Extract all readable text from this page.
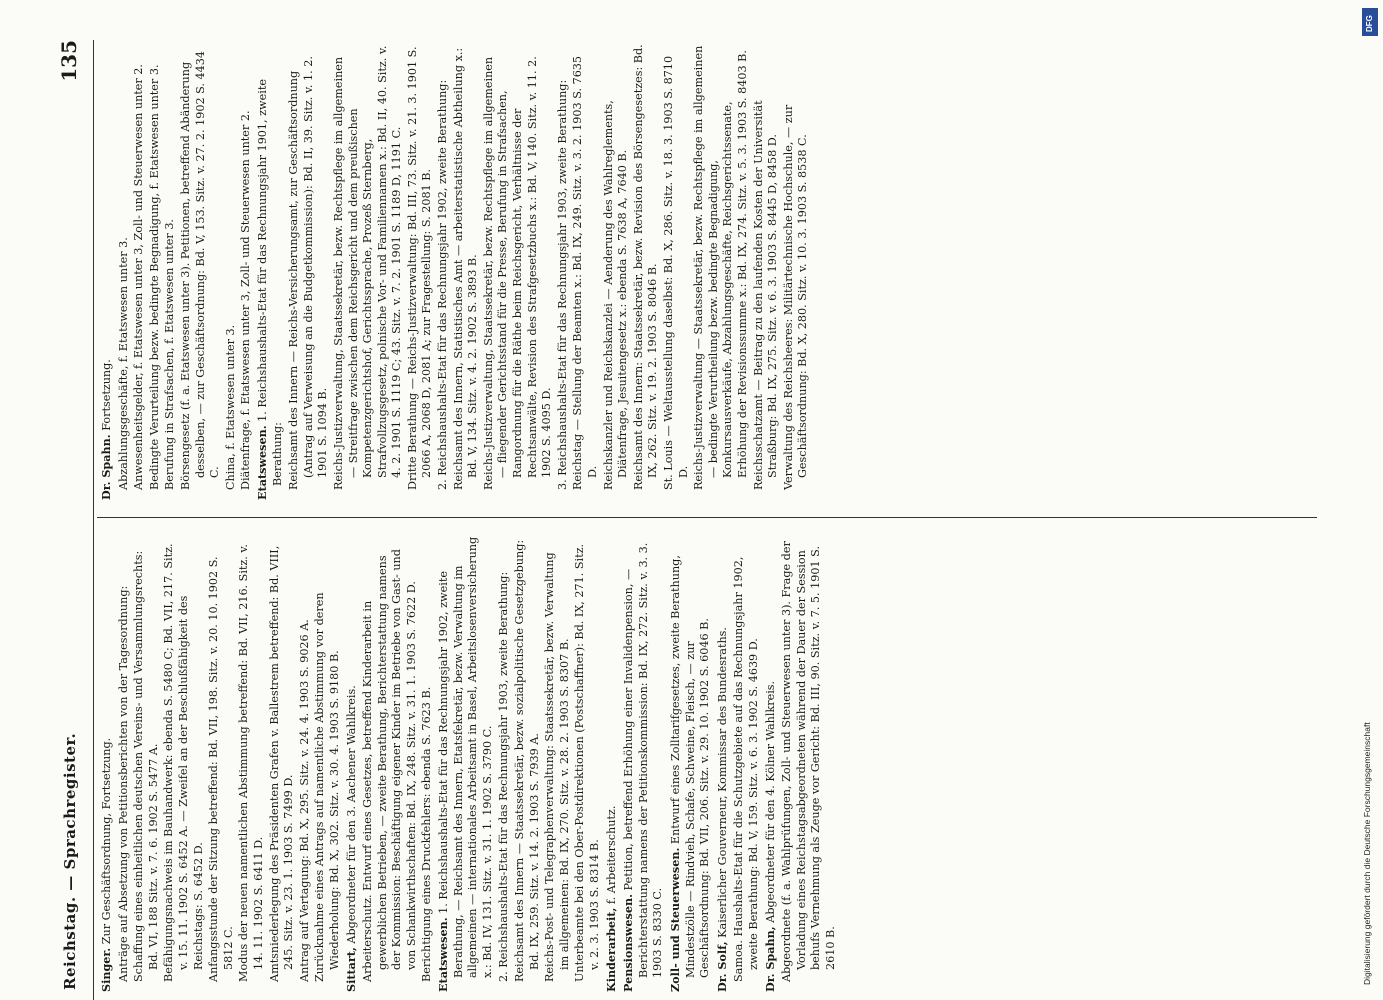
Reichstag. — Sprachregister.
135
Singer. Zur Geschäftsordnung, Fortsetzung. Anträge auf Absetzung von Petitionsberichten von der Tagesordnung: Schaffung eines einheitlichen deutschen Vereins- und Versammlungsrechts: Bd. VI, 188 Sitz. v. 7. 6. 1902 S. 5477 A. Befähigungsnachweis im Bauhandwerk: ebenda S. 5480 C; Bd. VII, 217. Sitz. v. 15. 11. 1902 S. 6452 A. — Zweifel an der Beschlußfähigkeit des Reichstags: S. 6452 D. Anfangsstunde der Sitzung betreffend: Bd. VII, 198. Sitz. v. 20. 10. 1902 S. 5812 C. Modus der neuen namentlichen Abstimmung betreffend: Bd. VII, 216. Sitz. v. 14. 11. 1902 S. 6411 D. Amtsniederlegung des Präsidenten Grafen v. Ballestrem betreffend: Bd. VIII, 245. Sitz. v. 23. 1. 1903 S. 7499 D. Antrag auf Vertagung: Bd. X, 295. Sitz. v. 24. 4. 1903 S. 9026 A. Zurücknahme eines Antrags auf namentliche Abstimmung vor deren Wiederholung: Bd. X, 302. Sitz. v. 30. 4. 1903 S. 9180 B. Sittart, Abgeordneter für den 3. Aachener Wahlkreis. Arbeiterschutz. Entwurf eines Gesetzes, betreffend Kinderarbeit in gewerblichen Betrieben, — zweite Berathung, Berichterstattung namens der Kommission: Beschäftigung eigener Kinder im Betriebe von Gast- und von Schankwirthschaften: Bd. IX, 248. Sitz. v. 31. 1. 1903 S. 7622 D. Berichtigung eines Druckfehlers: ebenda S. 7623 B. Etatswesen. 1. Reichshaushalts-Etat für das Rechnungsjahr 1902, zweite Berathung, — Reichsamt des Innern, Etatsfekretär, bezw. Verwaltung im allgemeinen — internationales Arbeitsamt in Basel, Arbeitslosenversicherung x.: Bd. IV, 131. Sitz. v. 31. 1. 1902 S. 3790 C. 2. Reichshaushalts-Etat für das Rechnungsjahr 1903, zweite Berathung: Reichsamt des Innern — Staatssekretär, bezw. sozialpolitische Gesetzgebung: Bd. IX, 259. Sitz. v. 14. 2. 1903 S. 7939 A. Reichs-Post- und Telegraphenverwaltung: Staatssekretär, bezw. Verwaltung im allgemeinen: Bd. IX, 270. Sitz. v. 28. 2. 1903 S. 8307 B. Unterbeamte bei den Ober-Postdirektionen (Postschaffner): Bd. IX, 271. Sitz. v. 2. 3. 1903 S. 8314 B. Kinderarbeit, f. Arbeiterschutz.
Pensionswesen. Petition, betreffend Erhöhung einer Invalidenpension, — Berichterstattung namens der Petitionskommission: Bd. IX, 272. Sitz. v. 3. 3. 1903 S. 8330 C. Zoll- und Steuerwesen. Entwurf eines Zolltarifgesetzes, zweite Berathung, Mindestzölle — Rindvieh, Schafe, Schweine, Fleisch, — zur Geschäftsordnung: Bd. VII, 206. Sitz. v. 29. 10. 1902 S. 6046 B. Dr. Solf, Kaiserlicher Gouverneur, Kommissar des Bundesraths. Samoa. Haushalts-Etat für die Schutzgebiete auf das Rechnungsjahr 1902, zweite Berathung: Bd. V, 159. Sitz. v. 6. 3. 1902 S. 4639 D. Dr. Spahn, Abgeordneter für den 4. Kölner Wahlkreis. Abgeordnete (f. a. Wahlprüfungen, Zoll- und Steuerwesen unter 3). Frage der Vorladung eines Reichstagsabgeordneten während der Dauer der Session behufs Vernehmung als Zeuge vor Gericht: Bd. III, 90. Sitz. v. 7. 5. 1901 S. 2610 B.
Dr. Spahn. Fortsetzung. Abzahlungsgeschäfte, f. Etatswesen unter 3. Anwesenheitsgelder, f. Etatswesen unter 3, Zoll- und Steuerwesen unter 2. Bedingte Verurteilung bezw. bedingte Begnadigung, f. Etatswesen unter 3. Berufung in Strafsachen, f. Etatswesen unter 3. Börsengesetz (f. a. Etatswesen unter 3). Petitionen, betreffend Abänderung desselben, — zur Geschäftsordnung: Bd. V, 153. Sitz. v. 27. 2. 1902 S. 4434 C. China, f. Etatswesen unter 3. Diätenfrage, f. Etatswesen unter 3, Zoll- und Steuerwesen unter 2. Etatswesen. 1. Reichshaushalts-Etat für das Rechnungsjahr 1901, zweite Berathung: Reichsamt des Innern — Reichs-Versicherungsamt, zur Geschäftsordnung (Antrag auf Verweisung an die Budgetkommission): Bd. II, 39. Sitz. v. 1. 2. 1901 S. 1094 B. Reichs-Justizverwaltung, Staatssekretär, bezw. Rechtspflege im allgemeinen — Streitfrage zwischen dem Reichsgericht und dem preußischen Kompetenzgerichtshof, Gerichtssprache, Prozeß Sternberg, Strafvollzugsgesetz, polnische Vor- und Familiennamen x.: Bd. II, 40. Sitz. v. 4. 2. 1901 S. 1119 C; 43. Sitz. v. 7. 2. 1901 S. 1189 D, 1191 C. Dritte Berathung — Reichs-Justizverwaltung: Bd. III, 73. Sitz. v. 21. 3. 1901 S. 2066 A, 2068 D, 2081 A; zur Fragestellung: S. 2081 B. 2. Reichshaushalts-Etat für das Rechnungsjahr 1902, zweite Berathung: Reichsamt des Innern, Statistisches Amt — arbeiterstatistische Abtheilung x.: Bd. V, 134. Sitz. v. 4. 2. 1902 S. 3893 B. Reichs-Justizverwaltung, Staatssekretär, bezw. Rechtspflege im allgemeinen — fliegender Gerichtsstand für die Presse, Berufung in Strafsachen, Rangordnung für die Räthe beim Reichsgericht, Verhältnisse der Rechtsanwälte, Revision des Strafgesetzbuchs x.: Bd. V, 140. Sitz. v. 11. 2. 1902 S. 4095 D. 3. Reichshaushalts-Etat für das Rechnungsjahr 1903, zweite Berathung: Reichstag — Stellung der Beamten x.: Bd. IX, 249. Sitz. v. 3. 2. 1903 S. 7635 D. Reichskanzler und Reichskanzlei — Aenderung des Wahlreglements, Diätenfrage, Jesuitengesetz x.: ebenda S. 7638 A, 7640 B. Reichsamt des Innern: Staatssekretär, bezw. Revision des Börsengesetzes: Bd. IX, 262. Sitz. v. 19. 2. 1903 S. 8046 B. St. Louis — Weltausstellung daselbst: Bd. X, 286. Sitz. v. 18. 3. 1903 S. 8710 D. Reichs-Justizverwaltung — Staatssekretär, bezw. Rechtspflege im allgemeinen — bedingte Verurtheilung bezw. bedingte Begnadigung, Konkursausverkäufe, Abzahlungsgeschäfte, Reichsgerichtssenate, Erhöhung der Revisionssumme x.: Bd. IX, 274. Sitz. v. 5. 3. 1903 S. 8403 B. Reichsschatzamt — Beitrag zu den laufenden Kosten der Universität Straßburg: Bd. IX, 275. Sitz. v. 6. 3. 1903 S. 8445 D, 8458 D. Verwaltung des Reichsheeres: Militärtechnische Hochschule, — zur Geschäftsordnung: Bd. X, 280. Sitz. v. 10. 3. 1903 S. 8538 C.
DFG
Digitalisierung gefördert durch die Deutsche Forschungsgemeinschaft
